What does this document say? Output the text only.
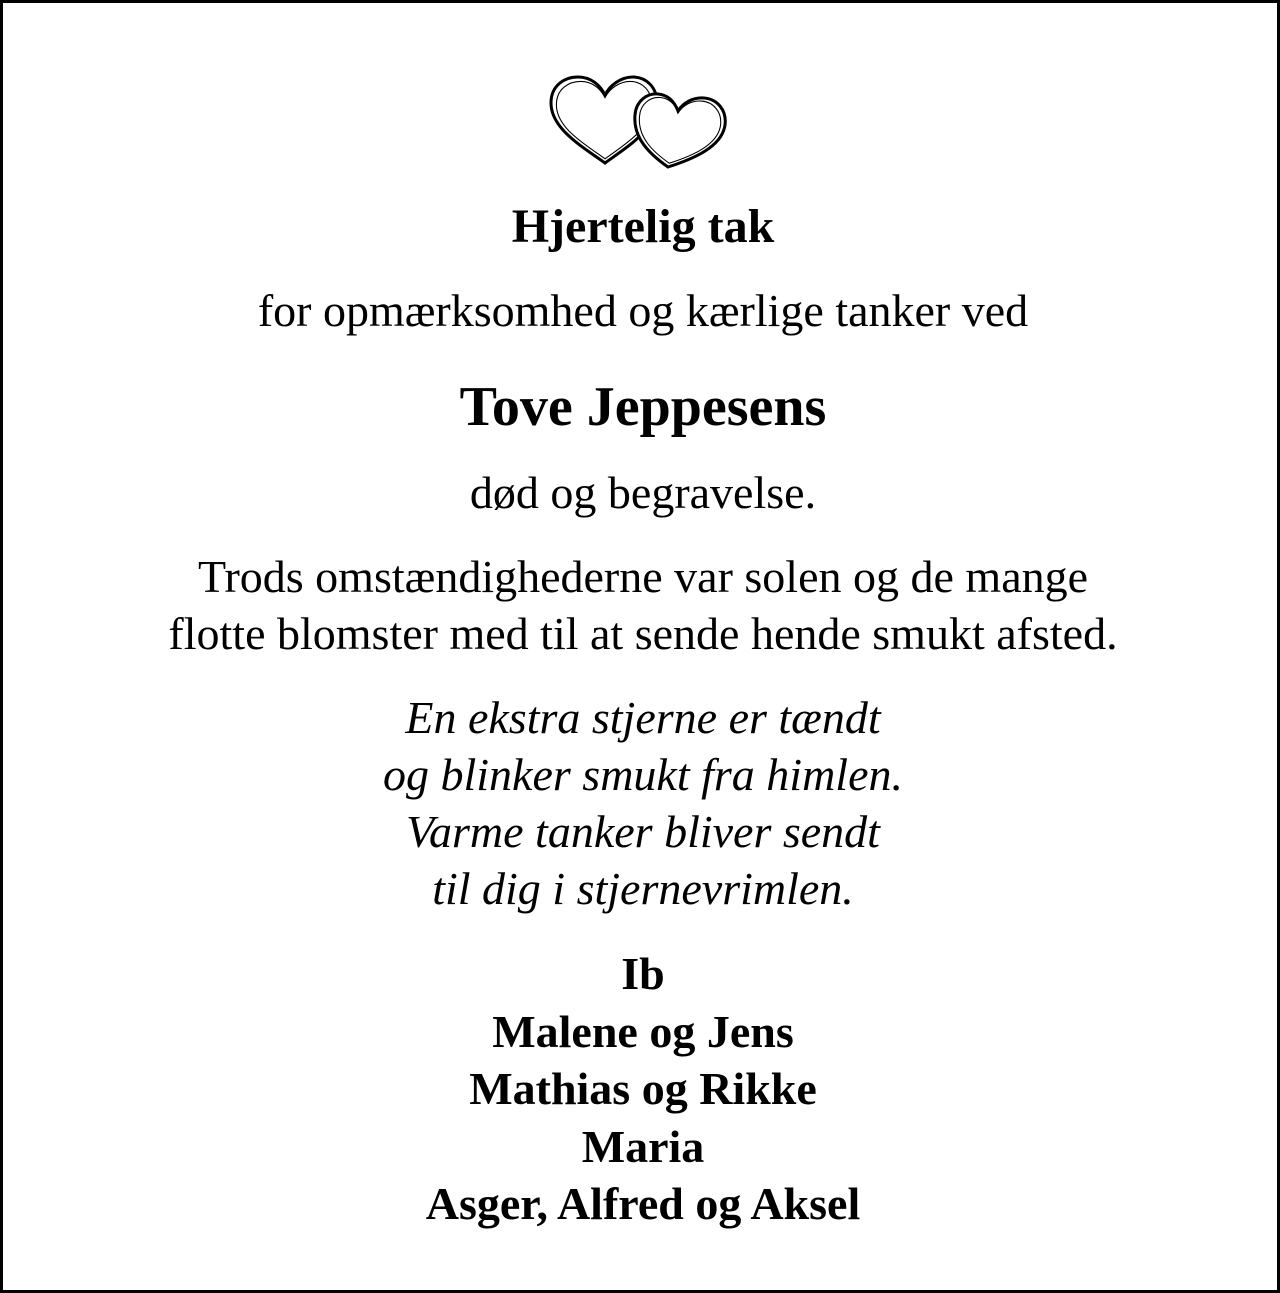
Hjertelig tak

for opmærksomhed og kærlige tanker ved

Tove Jeppesens

død og begravelse.

Trods omstændighederne var solen og de mange
flotte blomster med til at sende hende smukt afsted.
En ekstra stjerne er tændt
og blinker smukt fra himlen.
Varme tanker bliver sendt
til dig i stjernevrimlen.
Ib
Malene og Jens
Mathias og Rikke
Maria
Asger, Alfred og Aksel
